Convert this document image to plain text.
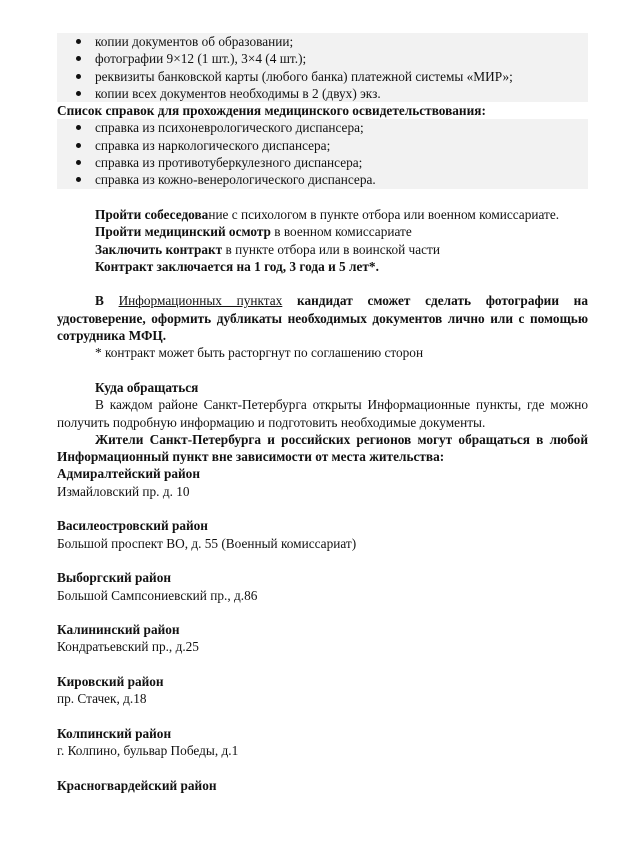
копии документов об образовании;
фотографии 9×12 (1 шт.), 3×4 (4 шт.);
реквизиты банковской карты (любого банка) платежной системы «МИР»;
копии всех документов необходимы в 2 (двух) экз.

Список справок для прохождения медицинского освидетельствования:

справка из психоневрологического диспансера;
справка из наркологического диспансера;
справка из противотуберкулезного диспансера;
справка из кожно-венерологического диспансера.

Пройти собеседование с психологом в пункте отбора или военном комиссариате.

Пройти медицинский осмотр в военном комиссариате

Заключить контракт в пункте отбора или в воинской части

Контракт заключается на 1 год, 3 года и 5 лет*.

В Информационных пунктах кандидат сможет сделать фотографии на удостоверение, оформить дубликаты необходимых документов лично или с помощью сотрудника МФЦ.

* контракт может быть расторгнут по соглашению сторон

Куда обращаться

В каждом районе Санкт-Петербурга открыты Информационные пункты, где можно получить подробную информацию и подготовить необходимые документы.

Жители Санкт-Петербурга и российских регионов могут обращаться в любой Информационный пункт вне зависимости от места жительства:

Адмиралтейский район

Измайловский пр. д. 10

Василеостровский район

Большой проспект ВО, д. 55 (Военный комиссариат)

Выборгский район

Большой Сампсониевский пр., д.86

Калининский район

Кондратьевский пр., д.25

Кировский район

пр. Стачек, д.18

Колпинский район

г. Колпино, бульвар Победы, д.1

Красногвардейский район
